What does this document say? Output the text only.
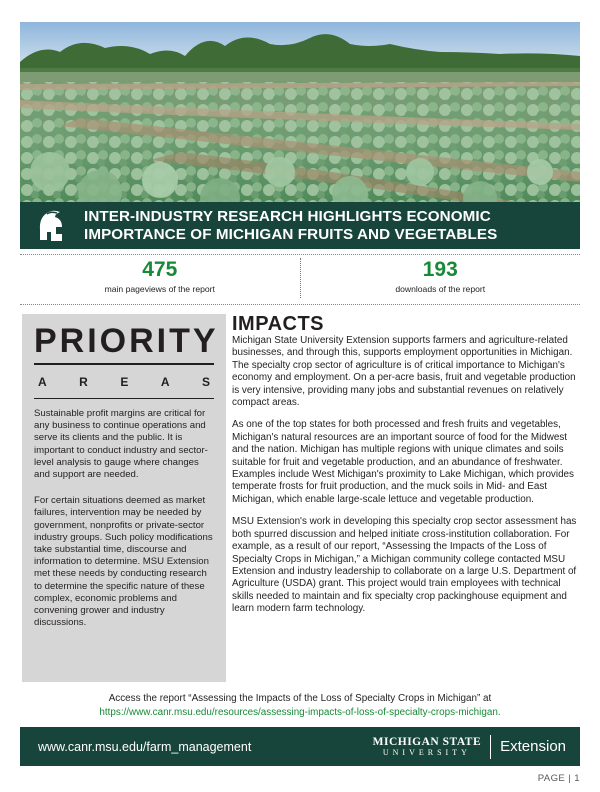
INTER-INDUSTRY RESEARCH HIGHLIGHTS ECONOMIC
IMPORTANCE OF MICHIGAN FRUITS AND VEGETABLES
475
main pageviews of the report
193
downloads of the report
PRIORITY
A	R	E	A	S

Sustainable profit margins are critical for any business to continue operations and serve its clients and the public. It is important to conduct industry and sector-level analysis to gauge where changes and support are needed.

For certain situations deemed as market failures, intervention may be needed by government, nonprofits or private-sector industry groups. Such policy modifications take substantial time, discourse and information to determine. MSU Extension met these needs by conducting research to determine the specific nature of these complex, economic problems and convening grower and industry discussions.

IMPACTS

Michigan State University Extension supports farmers and agriculture-related businesses, and through this, supports employment opportunities in Michigan. The specialty crop sector of agriculture is of critical importance to Michigan's economy and employment. On a per-acre basis, fruit and vegetable production is very intensive, providing many jobs and substantial revenues on relatively compact areas.

As one of the top states for both processed and fresh fruits and vegetables, Michigan's natural resources are an important source of food for the Midwest and the nation. Michigan has multiple regions with unique climates and soils suitable for fruit and vegetable production, and an abundance of freshwater. Examples include West Michigan's proximity to Lake Michigan, which provides temperate frosts for fruit production, and the muck soils in Mid- and East Michigan, which enable large-scale lettuce and vegetable production.

MSU Extension's work in developing this specialty crop sector assessment has both spurred discussion and helped initiate cross-institution collaboration. For example, as a result of our report, “Assessing the Impacts of the Loss of Specialty Crops in Michigan,” a Michigan community college contacted MSU Extension and industry leadership to collaborate on a large U.S. Department of Agriculture (USDA) grant. This project would train employees with technical skills needed to maintain and fix specialty crop packinghouse equipment and learn modern farm technology.

Access the report “Assessing the Impacts of the Loss of Specialty Crops in Michigan” at
https://www.canr.msu.edu/resources/assessing-impacts-of-loss-of-specialty-crops-michigan.
www.canr.msu.edu/farm_management	MICHIGAN STATE
UNIVERSITY Extension
PAGE | 1
